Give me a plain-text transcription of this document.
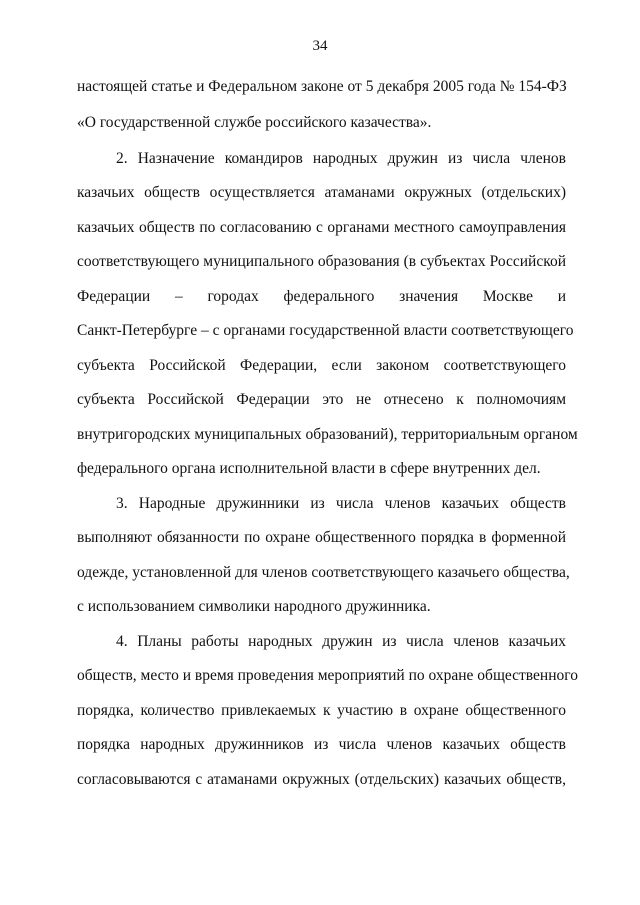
34
настоящей статье и Федеральном законе от 5 декабря 2005 года № 154-ФЗ
«О государственной службе российского казачества».
2. Назначение командиров народных дружин из числа членов
казачьих обществ осуществляется атаманами окружных (отдельских)
казачьих обществ по согласованию с органами местного самоуправления
соответствующего муниципального образования (в субъектах Российской
Федерации – городах федерального значения Москве и
Санкт-Петербурге – с органами государственной власти соответствующего
субъекта Российской Федерации, если законом соответствующего
субъекта Российской Федерации это не отнесено к полномочиям
внутригородских муниципальных образований), территориальным органом
федерального органа исполнительной власти в сфере внутренних дел.
3. Народные дружинники из числа членов казачьих обществ
выполняют обязанности по охране общественного порядка в форменной
одежде, установленной для членов соответствующего казачьего общества,
с использованием символики народного дружинника.
4. Планы работы народных дружин из числа членов казачьих
обществ, место и время проведения мероприятий по охране общественного
порядка, количество привлекаемых к участию в охране общественного
порядка народных дружинников из числа членов казачьих обществ
согласовываются с атаманами окружных (отдельских) казачьих обществ,
